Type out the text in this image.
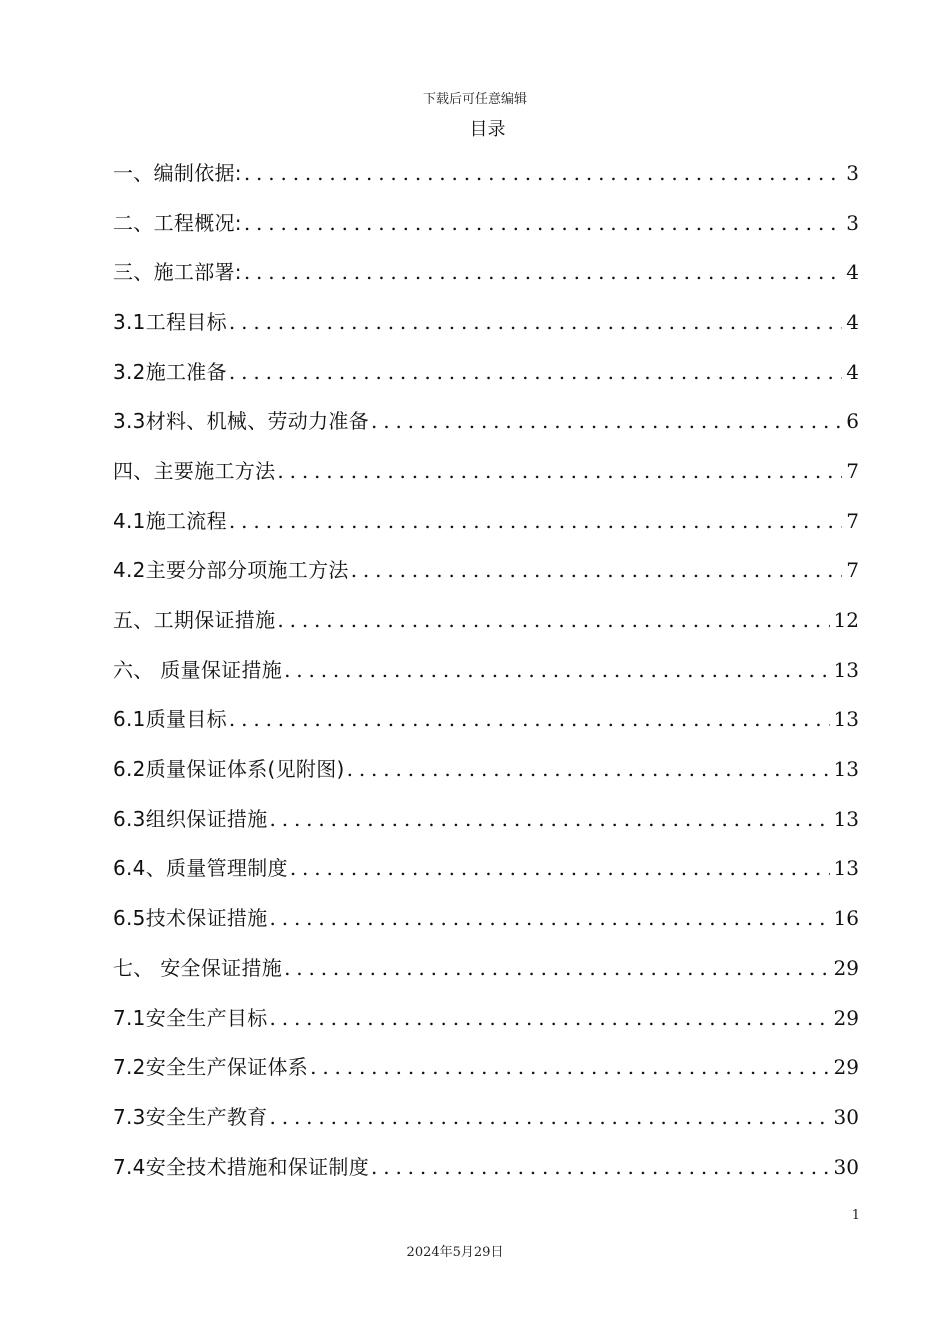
下载后可任意编辑
目录
一、编制依据: . . .	3
二、工程概况: . . .	3
三、施工部署: . . .	4
3.1工程目标 . . .	4
3.2施工准备 . . .	4
3.3材料、机械、劳动力准备 . . .	6
四、主要施工方法 . . .	7
4.1施工流程 . . .	7
4.2主要分部分项施工方法 . . .	7
五、工期保证措施 . . .	12
六、 质量保证措施 . . .	13
6.1质量目标 . . .	13
6.2质量保证体系(见附图) . . .	13
6.3组织保证措施 . . .	13
6.4、质量管理制度 . . .	13
6.5技术保证措施 . . .	16
七、 安全保证措施 . . .	29
7.1安全生产目标 . . .	29
7.2安全生产保证体系 . . .	29
7.3安全生产教育 . . .	30
7.4安全技术措施和保证制度 . . .	30
1
2024年5月29日
